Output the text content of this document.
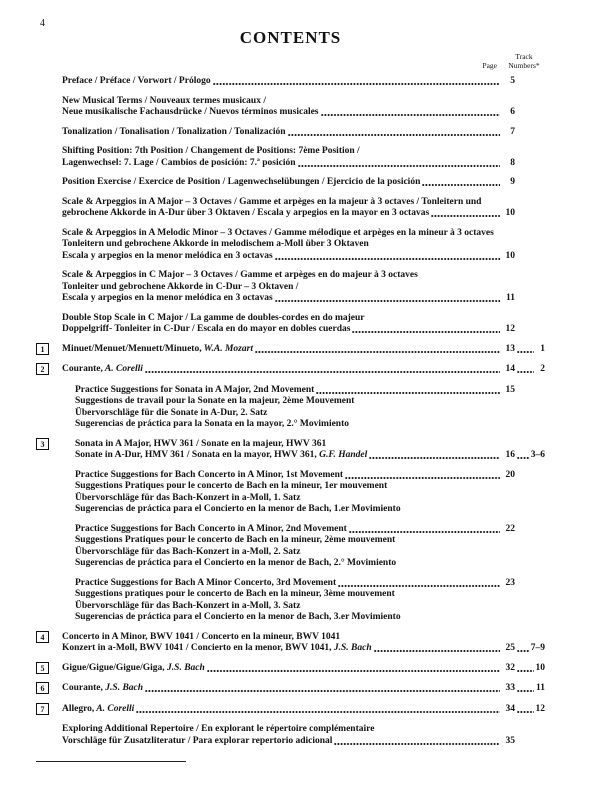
4
CONTENTS
Page
Track
Numbers*
Preface / Préface / Vorwort / Prólogo	5
New Musical Terms / Nouveaux termes musicaux /
Neue musikalische Fachausdrücke / Nuevos términos musicales	6
Tonalization / Tonalisation / Tonalization / Tonalización	7
Shifting Position: 7th Position / Changement de Positions: 7ème Position /
Lagenwechsel: 7. Lage / Cambios de posición: 7.ª posición	8
Position Exercise / Exercice de Position / Lagenwechselübungen / Ejercicio de la posición	9
Scale & Arpeggios in A Major – 3 Octaves / Gamme et arpèges en la majeur à 3 octaves / Tonleitern und
gebrochene Akkorde in A-Dur über 3 Oktaven / Escala y arpegios en la mayor en 3 octavas	10
Scale & Arpeggios in A Melodic Minor – 3 Octaves / Gamme mélodique et arpèges en la mineur à 3 octaves
Tonleitern und gebrochene Akkorde in melodischem a-Moll über 3 Oktaven
Escala y arpegios en la menor melódica en 3 octavas	10
Scale & Arpeggios in C Major – 3 Octaves / Gamme et arpèges en do majeur à 3 octaves
Tonleiter und gebrochene Akkorde in C-Dur – 3 Oktaven /
Escala y arpegios en la menor melódica en 3 octavas	11
Double Stop Scale in C Major / La gamme de doubles-cordes en do majeur
Doppelgriff- Tonleiter in C-Dur / Escala en do mayor en dobles cuerdas	12
1	Minuet/Menuet/Menuett/Minueto, W.A. Mozart	13	1
2	Courante, A. Corelli	14	2
Practice Suggestions for Sonata in A Major, 2nd Movement	15
Suggestions de travail pour la Sonate en la majeur, 2ème Mouvement
Übervorschläge für die Sonate in A-Dur, 2. Satz
Sugerencias de práctica para la Sonata en la mayor, 2.° Movimiento
3	Sonata in A Major, HWV 361 / Sonate en la majeur, HWV 361
Sonate in A-Dur, HMV 361 / Sonata en la mayor, HWV 361, G.F. Handel	16 3–6
Practice Suggestions for Bach Concerto in A Minor, 1st Movement	20
Suggestions Pratiques pour le concerto de Bach en la mineur, 1er mouvement
Übervorschläge für das Bach-Konzert in a-Moll, 1. Satz
Sugerencias de práctica para el Concierto en la menor de Bach, 1.er Movimiento
Practice Suggestions for Bach Concerto in A Minor, 2nd Movement	22
Suggestions Pratiques pour le concerto de Bach en la mineur, 2ème mouvement
Übervorschläge für das Bach-Konzert in a-Moll, 2. Satz
Sugerencias de práctica para el Concierto en la menor de Bach, 2.° Movimiento
Practice Suggestions for Bach A Minor Concerto, 3rd Movement	23
Suggestions pratiques pour le concerto de Bach en la mineur, 3ème mouvement
Übervorschläge für das Bach-Konzert in a-Moll, 3. Satz
Sugerencias de práctica para el Concierto en la menor de Bach, 3.er Movimiento
4	Concerto in A Minor, BWV 1041 / Concerto en la mineur, BWV 1041
Konzert in a-Moll, BWV 1041 / Concierto en la menor, BWV 1041, J.S. Bach	25 7–9
5	Gigue/Gigue/Gigue/Giga, J.S. Bach	32 10
6	Courante, J.S. Bach	33 11
7	Allegro, A. Corelli	34 12
Exploring Additional Repertoire / En explorant le répertoire complémentaire
Vorschläge für Zusatzliteratur / Para explorar repertorio adicional	35
